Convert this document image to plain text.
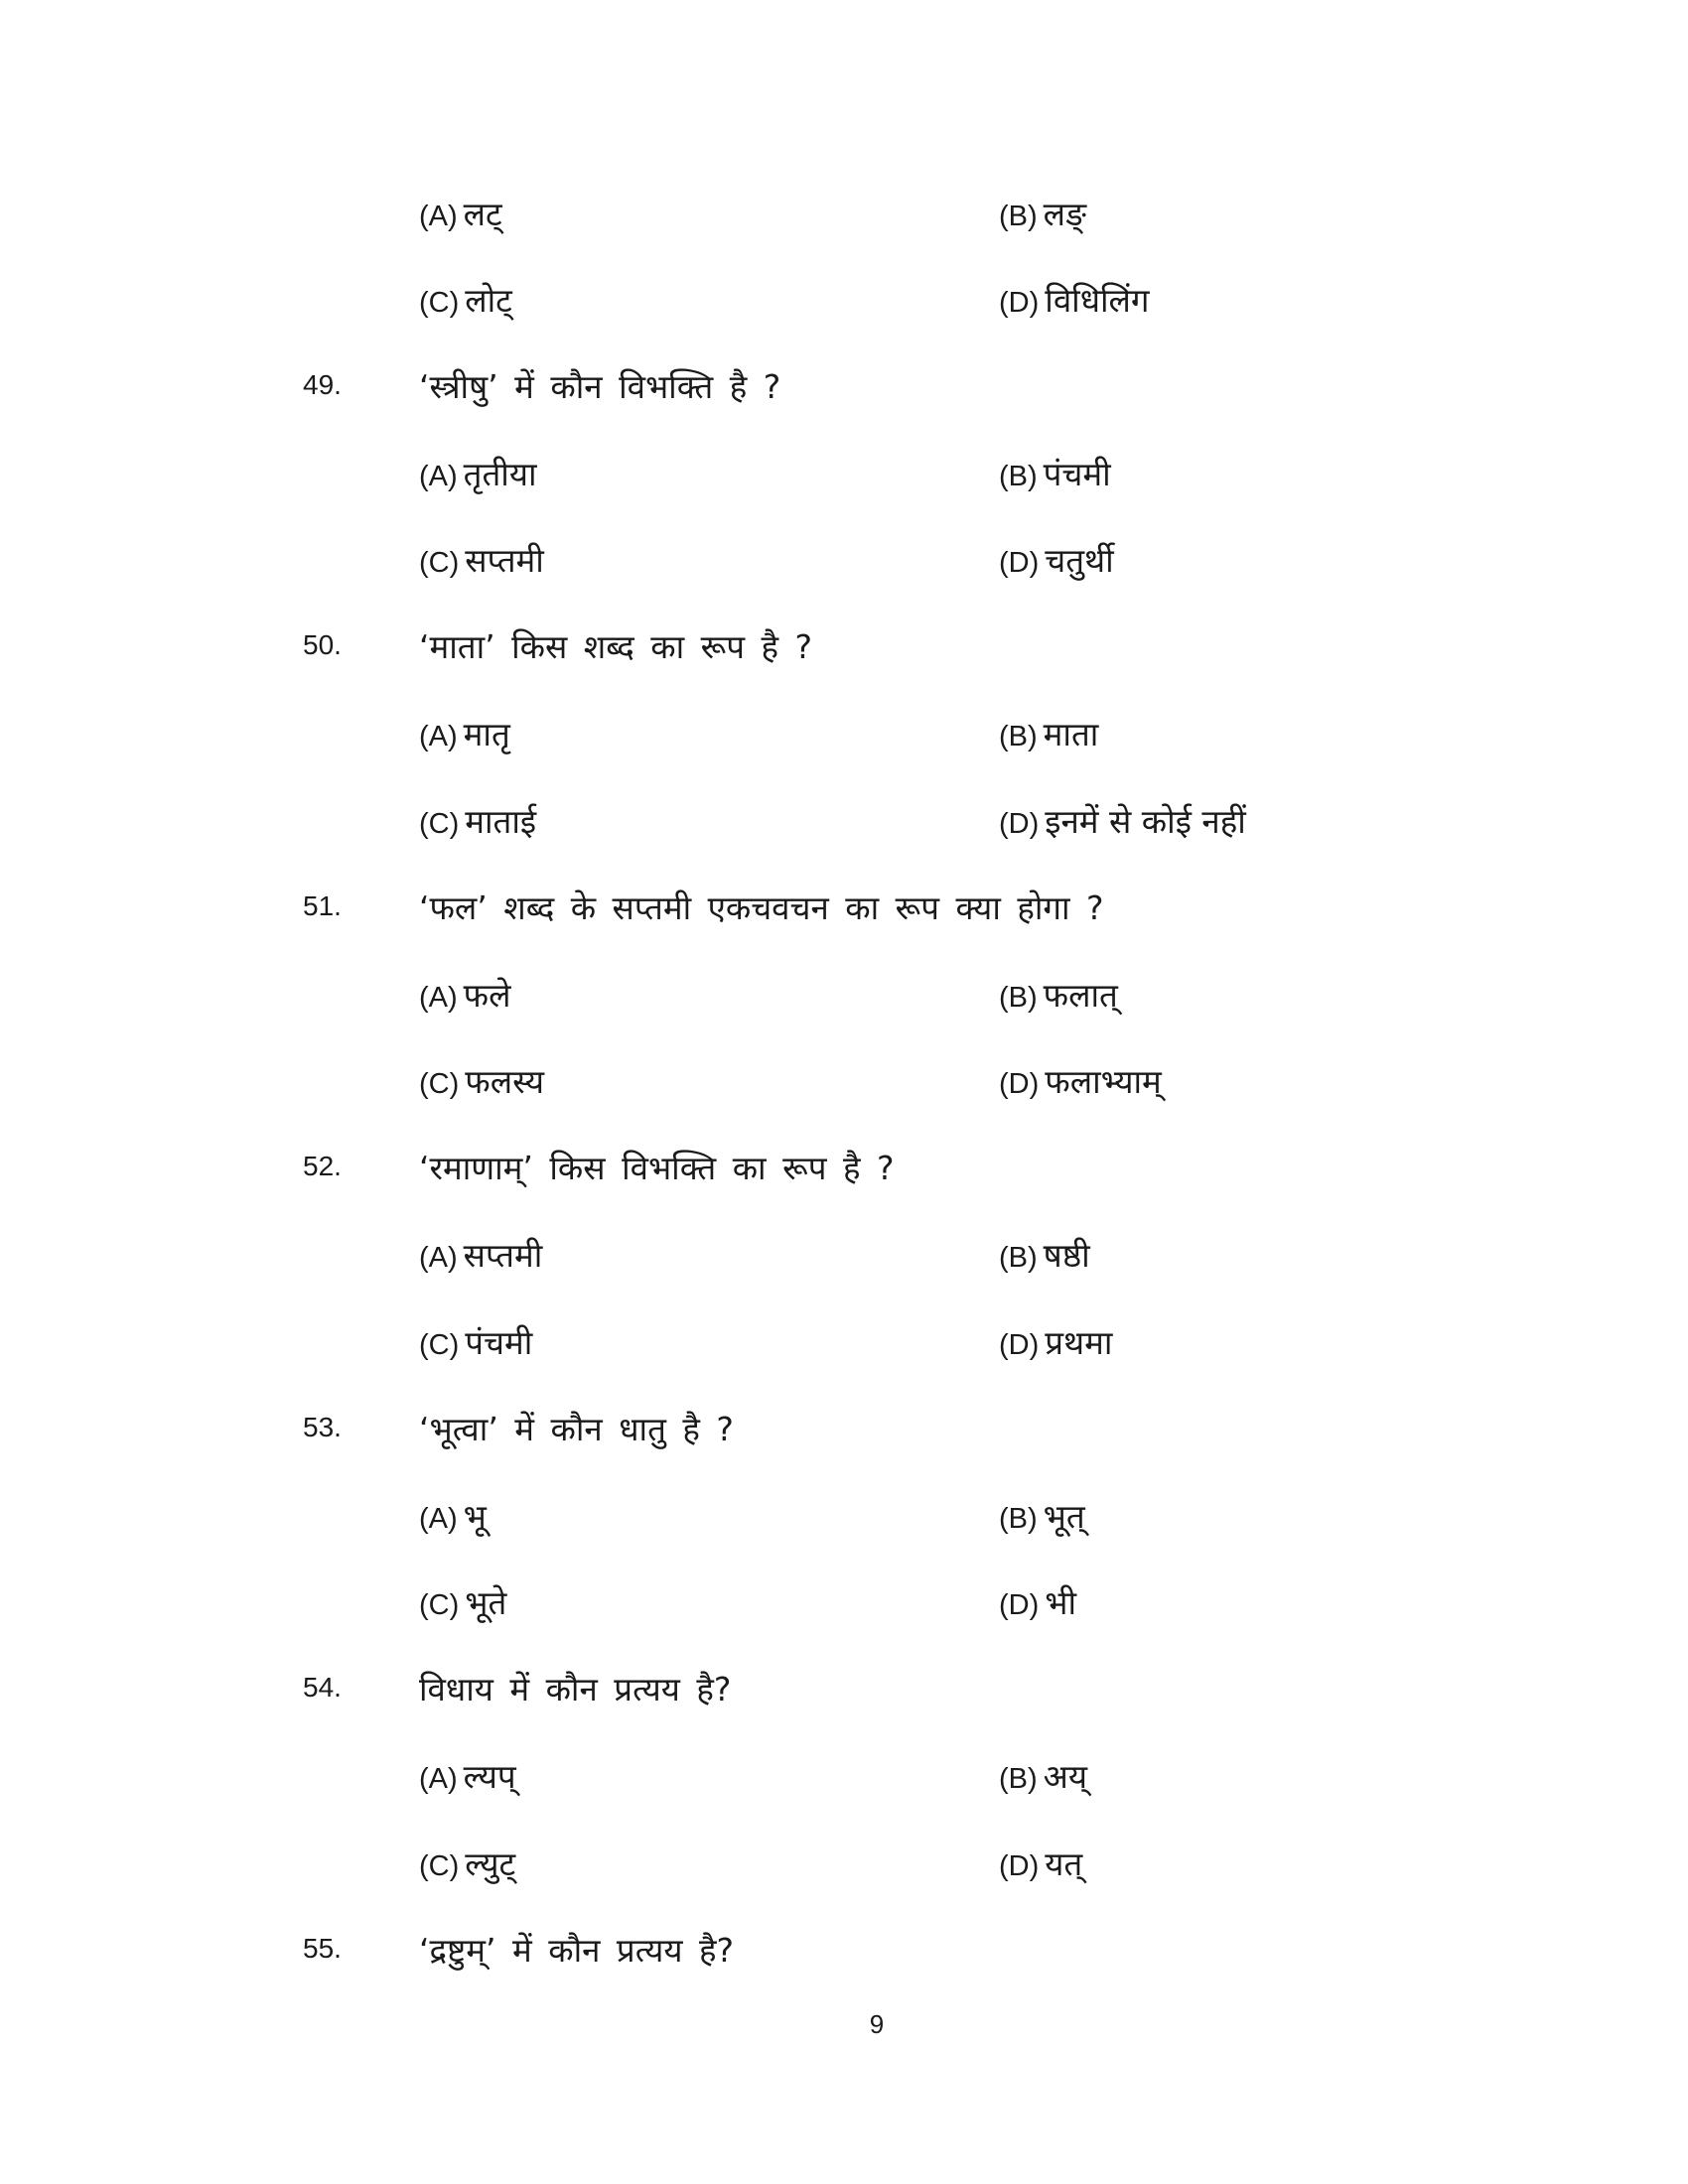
(A) लट्	(B) लङ्
(C) लोट्	(D) विधिलिंग
49. ‘स्त्रीषु’ में कौन विभक्ति है ?
(A) तृतीया	(B) पंचमी
(C) सप्तमी	(D) चतुर्थी
50. ‘माता’ किस शब्द का रूप है ?
(A) मातृ	(B) माता
(C) माताई	(D) इनमें से कोई नहीं
51. ‘फल’ शब्द के सप्तमी एकचवचन का रूप क्या होगा ?
(A) फले	(B) फलात्
(C) फलस्य	(D) फलाभ्याम्
52. ‘रमाणाम्’ किस विभक्ति का रूप है ?
(A) सप्तमी	(B) षष्ठी
(C) पंचमी	(D) प्रथमा
53. ‘भूत्वा’ में कौन धातु है ?
(A) भू	(B) भूत्
(C) भूते	(D) भी
54. विधाय में कौन प्रत्यय है?
(A) ल्यप्	(B) अय्
(C) ल्युट्	(D) यत्
55. ‘द्रष्टुम्’ में कौन प्रत्यय है?
9
